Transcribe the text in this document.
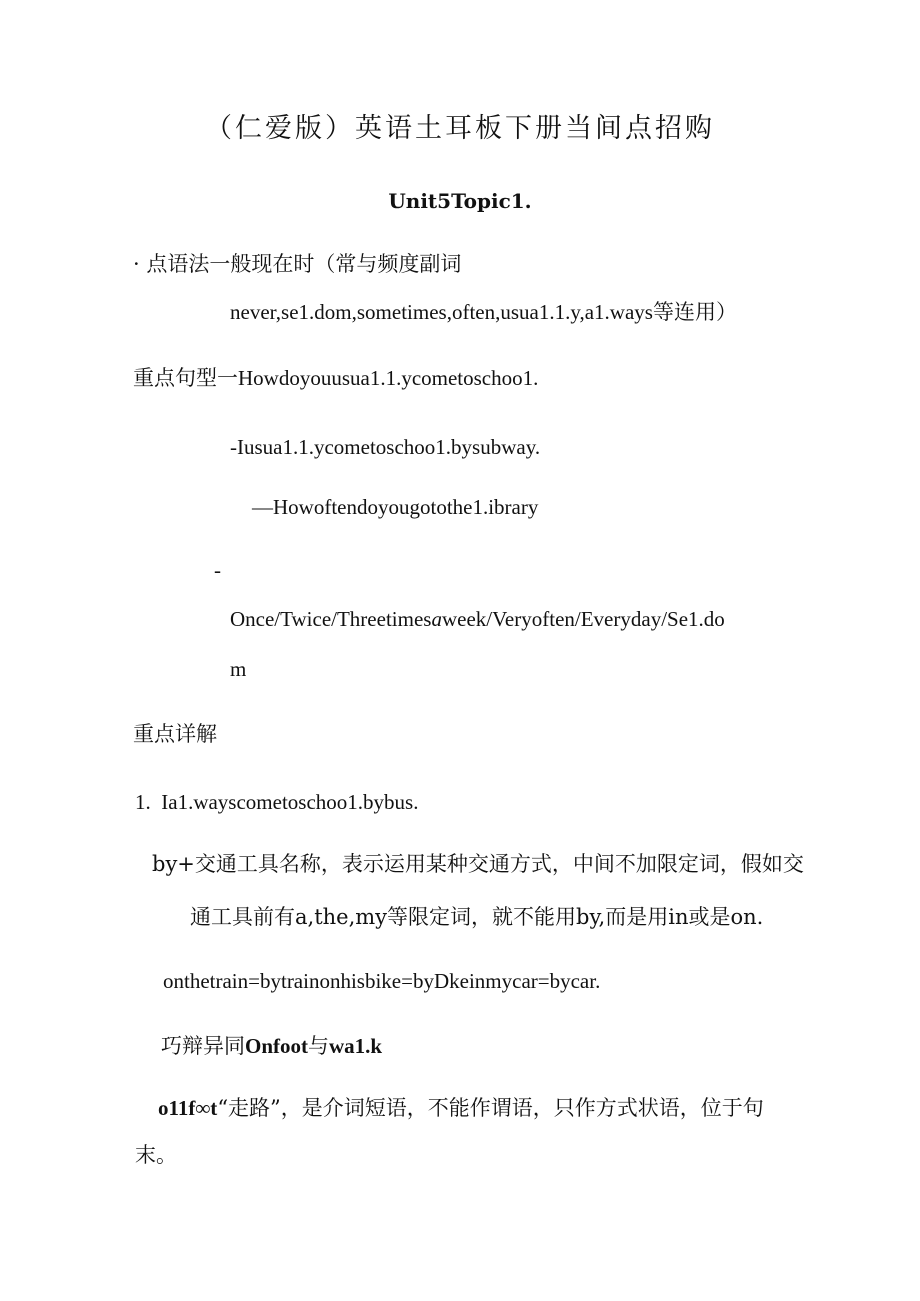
（仁爱版）英语土耳板下册当间点招购
Unit5Topic1.
· 点语法一般现在时（常与频度副词
never,se1.dom,sometimes,often,usua1.1.y,a1.ways等连用）
重点句型一Howdoyouusua1.1.ycometoschoo1.
-Iusua1.1.ycometoschoo1.bysubway.
—Howoftendoyougotothe1.ibrary
-
Once/Twice/Threetimesaweek/Veryoften/Everyday/Se1.do
m
重点详解
1. Ia1.wayscometoschoo1.bybus.
by+交通工具名称，表示运用某种交通方式，中间不加限定词，假如交
通工具前有a,the,my等限定词，就不能用by,而是用in或是on.
onthetrain=bytrainonhisbike=byDkeinmycar=bycar.
巧辩异同Onfoot与wa1.k
o11f∞t“走路”，是介词短语，不能作谓语，只作方式状语，位于句
末。
